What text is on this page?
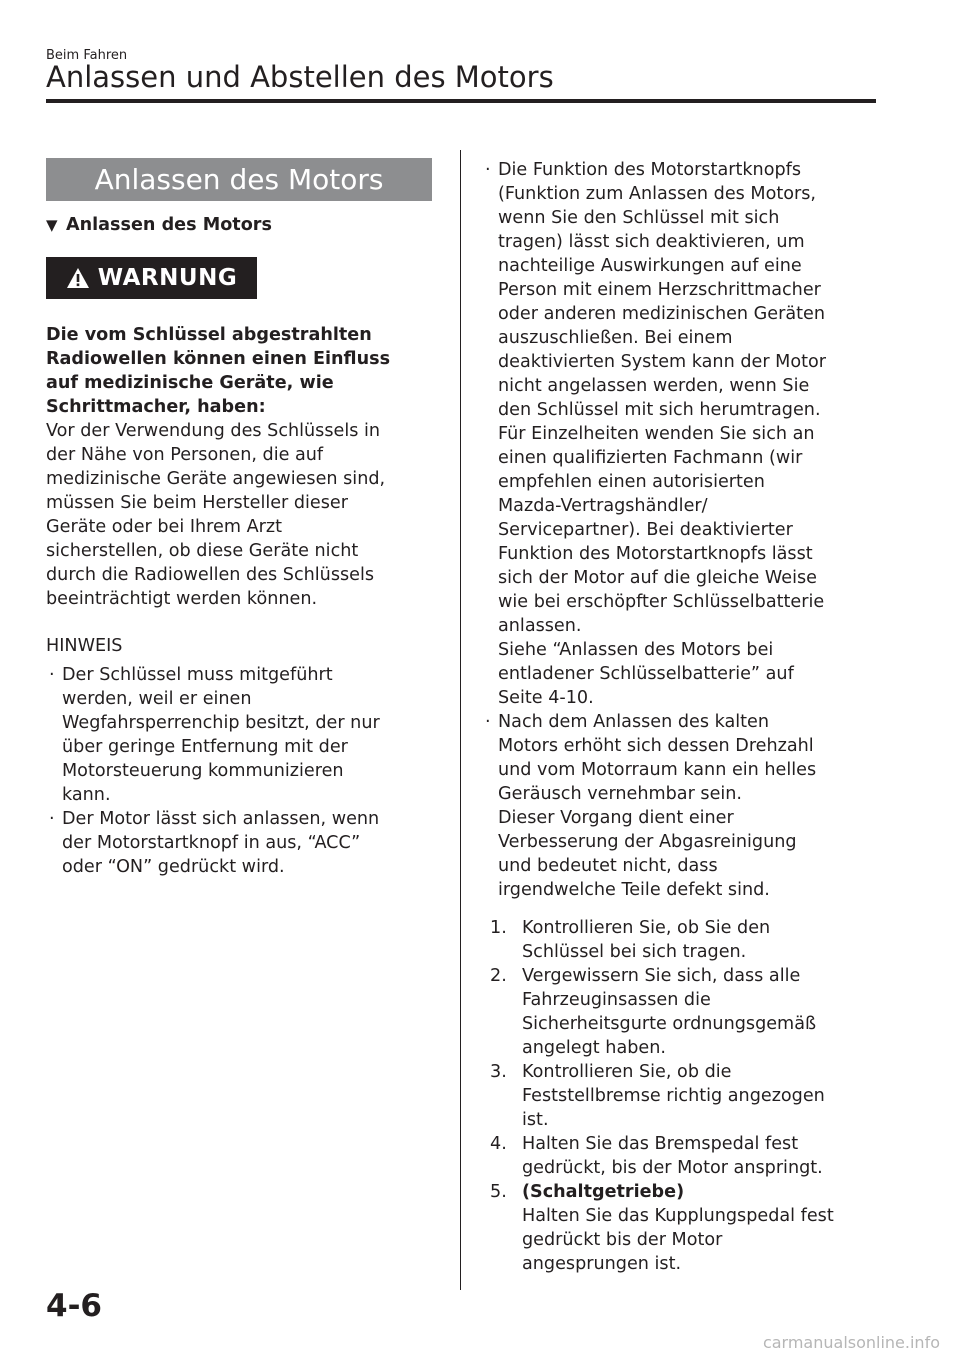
Beim Fahren
Anlassen und Abstellen des Motors
Anlassen des Motors
▼ Anlassen des Motors
WARNUNG
Die vom Schlüssel abgestrahlten
Radiowellen können einen Einfluss
auf medizinische Geräte, wie
Schrittmacher, haben:
Vor der Verwendung des Schlüssels in
der Nähe von Personen, die auf
medizinische Geräte angewiesen sind,
müssen Sie beim Hersteller dieser
Geräte oder bei Ihrem Arzt
sicherstellen, ob diese Geräte nicht
durch die Radiowellen des Schlüssels
beeinträchtigt werden können.
HINWEIS
· Der Schlüssel muss mitgeführt
werden, weil er einen
Wegfahrsperrenchip besitzt, der nur
über geringe Entfernung mit der
Motorsteuerung kommunizieren
kann.
· Der Motor lässt sich anlassen, wenn
der Motorstartknopf in aus, “ACC”
oder “ON” gedrückt wird.
· Die Funktion des Motorstartknopfs
(Funktion zum Anlassen des Motors,
wenn Sie den Schlüssel mit sich
tragen) lässt sich deaktivieren, um
nachteilige Auswirkungen auf eine
Person mit einem Herzschrittmacher
oder anderen medizinischen Geräten
auszuschließen. Bei einem
deaktivierten System kann der Motor
nicht angelassen werden, wenn Sie
den Schlüssel mit sich herumtragen.
Für Einzelheiten wenden Sie sich an
einen qualifizierten Fachmann (wir
empfehlen einen autorisierten
Mazda-Vertragshändler/
Servicepartner). Bei deaktivierter
Funktion des Motorstartknopfs lässt
sich der Motor auf die gleiche Weise
wie bei erschöpfter Schlüsselbatterie
anlassen.
Siehe “Anlassen des Motors bei
entladener Schlüsselbatterie” auf
Seite 4-10.
· Nach dem Anlassen des kalten
Motors erhöht sich dessen Drehzahl
und vom Motorraum kann ein helles
Geräusch vernehmbar sein.
Dieser Vorgang dient einer
Verbesserung der Abgasreinigung
und bedeutet nicht, dass
irgendwelche Teile defekt sind.
1. Kontrollieren Sie, ob Sie den
Schlüssel bei sich tragen.
2. Vergewissern Sie sich, dass alle
Fahrzeuginsassen die
Sicherheitsgurte ordnungsgemäß
angelegt haben.
3. Kontrollieren Sie, ob die
Feststellbremse richtig angezogen
ist.
4. Halten Sie das Bremspedal fest
gedrückt, bis der Motor anspringt.
5. (Schaltgetriebe)
Halten Sie das Kupplungspedal fest
gedrückt bis der Motor
angesprungen ist.
4-6
carmanualsonline.info
